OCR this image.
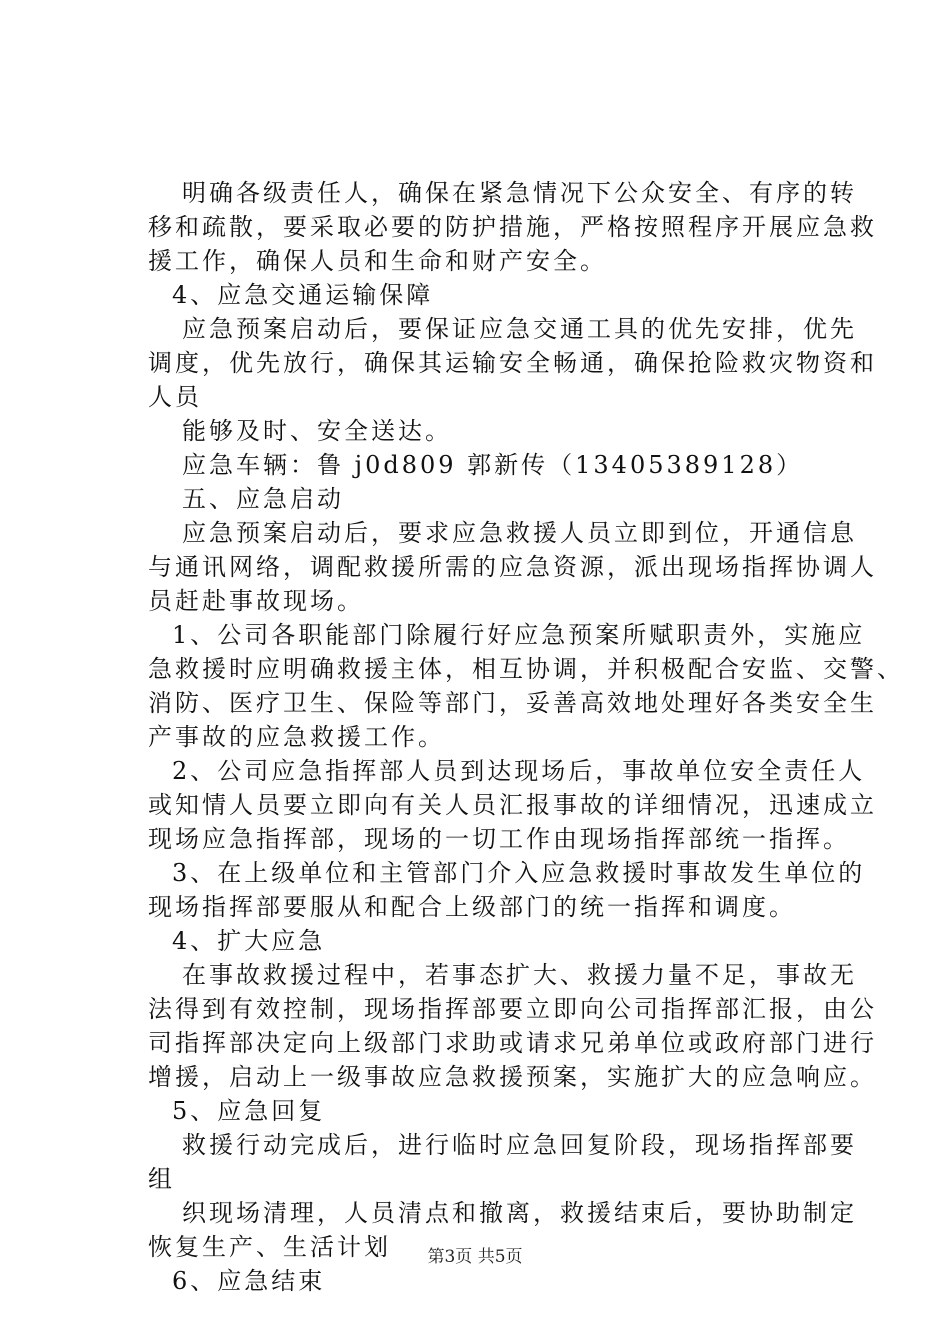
明确各级责任人，确保在紧急情况下公众安全、有序的转
移和疏散，要采取必要的防护措施，严格按照程序开展应急救
援工作，确保人员和生命和财产安全。
4、应急交通运输保障
应急预案启动后，要保证应急交通工具的优先安排，优先
调度，优先放行，确保其运输安全畅通，确保抢险救灾物资和
人员
能够及时、安全送达。
应急车辆：鲁 j0d809 郭新传（13405389128）
五、应急启动
应急预案启动后，要求应急救援人员立即到位，开通信息
与通讯网络，调配救援所需的应急资源，派出现场指挥协调人
员赶赴事故现场。
1、公司各职能部门除履行好应急预案所赋职责外，实施应
急救援时应明确救援主体，相互协调，并积极配合安监、交警、
消防、医疗卫生、保险等部门，妥善高效地处理好各类安全生
产事故的应急救援工作。
2、公司应急指挥部人员到达现场后，事故单位安全责任人
或知情人员要立即向有关人员汇报事故的详细情况，迅速成立
现场应急指挥部，现场的一切工作由现场指挥部统一指挥。
3、在上级单位和主管部门介入应急救援时事故发生单位的
现场指挥部要服从和配合上级部门的统一指挥和调度。
4、扩大应急
在事故救援过程中，若事态扩大、救援力量不足，事故无
法得到有效控制，现场指挥部要立即向公司指挥部汇报，由公
司指挥部决定向上级部门求助或请求兄弟单位或政府部门进行
增援，启动上一级事故应急救援预案，实施扩大的应急响应。
5、应急回复
救援行动完成后，进行临时应急回复阶段，现场指挥部要
组
织现场清理，人员清点和撤离，救援结束后，要协助制定
恢复生产、生活计划
6、应急结束
第3页 共5页
